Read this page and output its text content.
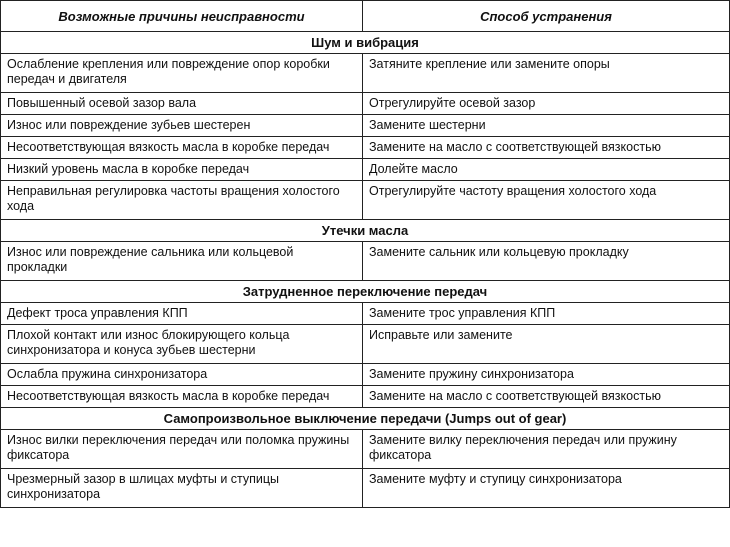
Возможные причины неисправности	Способ устранения
Шум и вибрация	
Ослабление крепления или повреждение опор коробки передач и двигателя	Затяните крепление или замените опоры
Повышенный осевой зазор вала	Отрегулируйте осевой зазор
Износ или повреждение зубьев шестерен	Замените шестерни
Несоответствующая вязкость масла в коробке передач	Замените на масло с соответствующей вязкостью
Низкий уровень масла в коробке передач	Долейте масло
Неправильная регулировка частоты вращения холостого хода	Отрегулируйте частоту вращения холостого хода
Утечки масла	
Износ или повреждение сальника или кольцевой прокладки	Замените сальник или кольцевую прокладку
Затрудненное переключение передач	
Дефект троса управления КПП	Замените трос управления КПП
Плохой контакт или износ блокирующего кольца синхронизатора и конуса зубьев шестерни	Исправьте или замените
Ослабла пружина синхронизатора	Замените пружину синхронизатора
Несоответствующая вязкость масла в коробке передач	Замените на масло с соответствующей вязкостью
Самопроизвольное выключение передачи (Jumps out of gear)	
Износ вилки переключения передач или поломка пружины фиксатора	Замените вилку переключения передач или пружину фиксатора
Чрезмерный зазор в шлицах муфты и ступицы синхронизатора	Замените муфту и ступицу синхронизатора
